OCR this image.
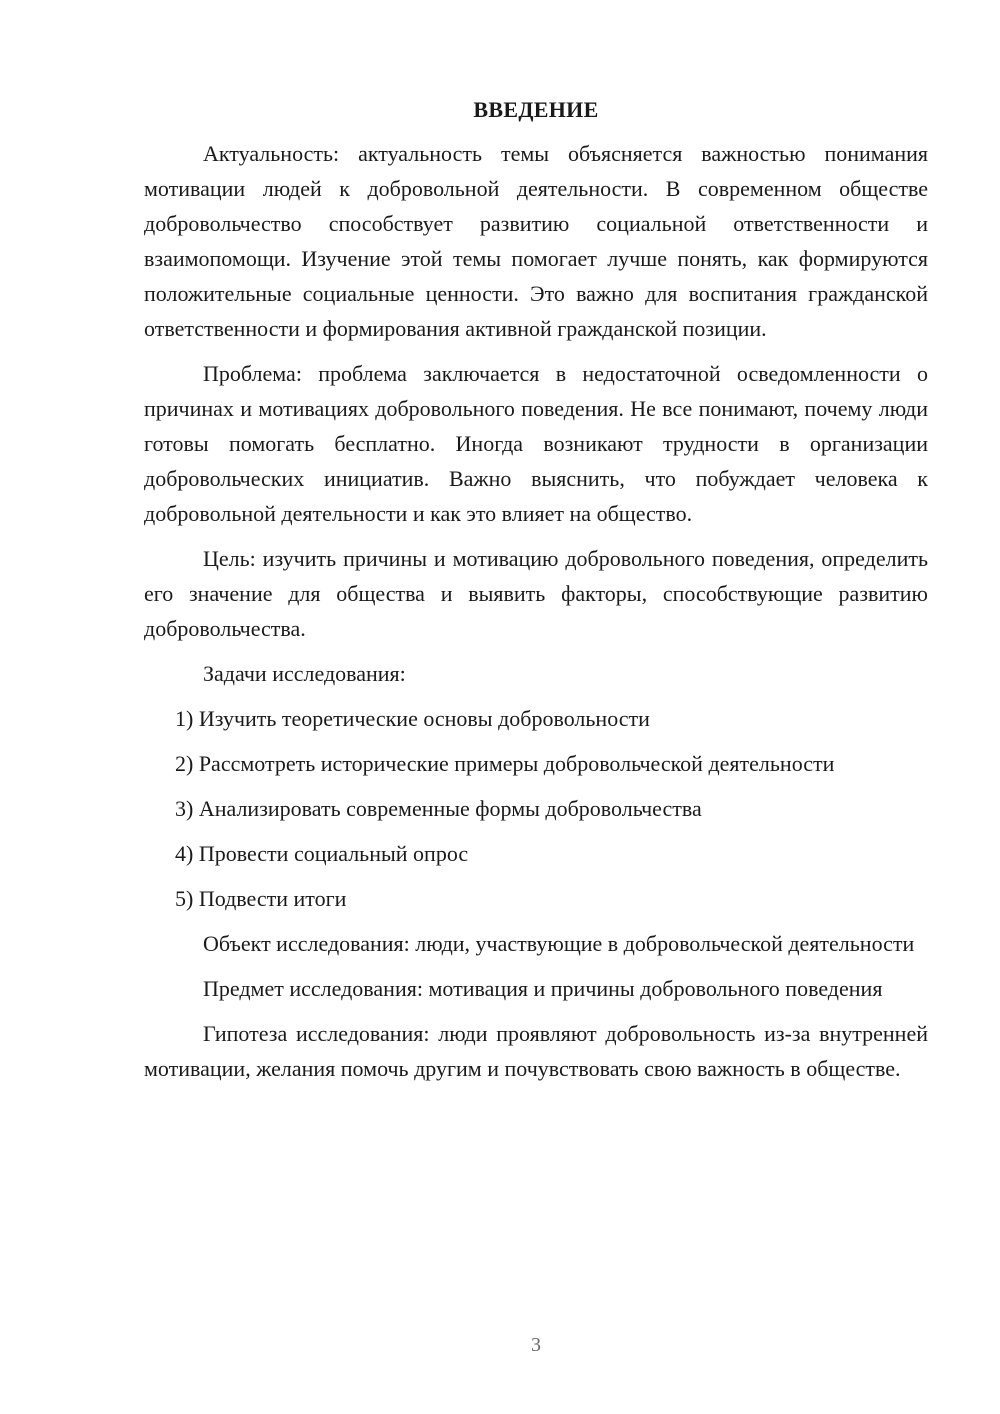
ВВЕДЕНИЕ

Актуальность: актуальность темы объясняется важностью понимания мотивации людей к добровольной деятельности. В современном обществе добровольчество способствует развитию социальной ответственности и взаимопомощи. Изучение этой темы помогает лучше понять, как формируются положительные социальные ценности. Это важно для воспитания гражданской ответственности и формирования активной гражданской позиции.

Проблема: проблема заключается в недостаточной осведомленности о причинах и мотивациях добровольного поведения. Не все понимают, почему люди готовы помогать бесплатно. Иногда возникают трудности в организации добровольческих инициатив. Важно выяснить, что побуждает человека к добровольной деятельности и как это влияет на общество.

Цель: изучить причины и мотивацию добровольного поведения, определить его значение для общества и выявить факторы, способствующие развитию добровольчества.

Задачи исследования:

1) Изучить теоретические основы добровольности
2) Рассмотреть исторические примеры добровольческой деятельности
3) Анализировать современные формы добровольчества
4) Провести социальный опрос
5) Подвести итоги

Объект исследования: люди, участвующие в добровольческой деятельности

Предмет исследования: мотивация и причины добровольного поведения

Гипотеза исследования: люди проявляют добровольность из-за внутренней мотивации, желания помочь другим и почувствовать свою важность в обществе.

3
